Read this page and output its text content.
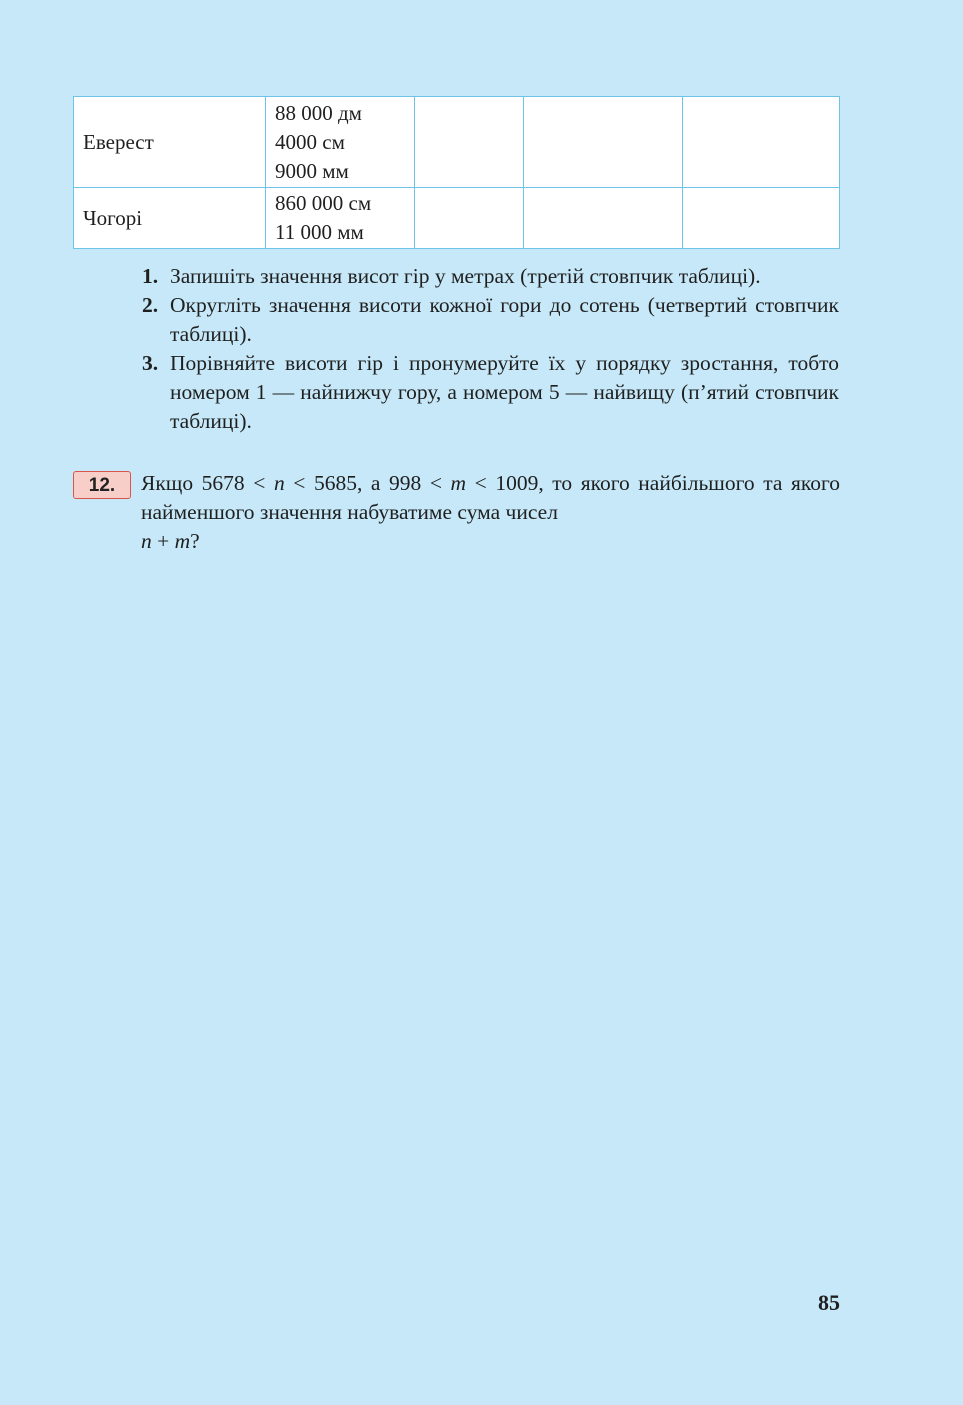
Еверест	88 000 дм
4000 см
9000 мм			

Чогорі	860 000 см
11 000 мм			

1. Запишіть значення висот гір у метрах (третій стовпчик таблиці).
2. Округліть значення висоти кожної гори до сотень (четвертий стовпчик таблиці).
3. Порівняйте висоти гір і пронумеруйте їх у порядку зростання, тобто номером 1 — найнижчу гору, а номером 5 — найвищу (п’ятий стовпчик таблиці).
12.	Якщо 5678 < n < 5685, а 998 < m < 1009, то якого найбільшого та якого найменшого значення набуватиме сума чисел
n + m?
85
